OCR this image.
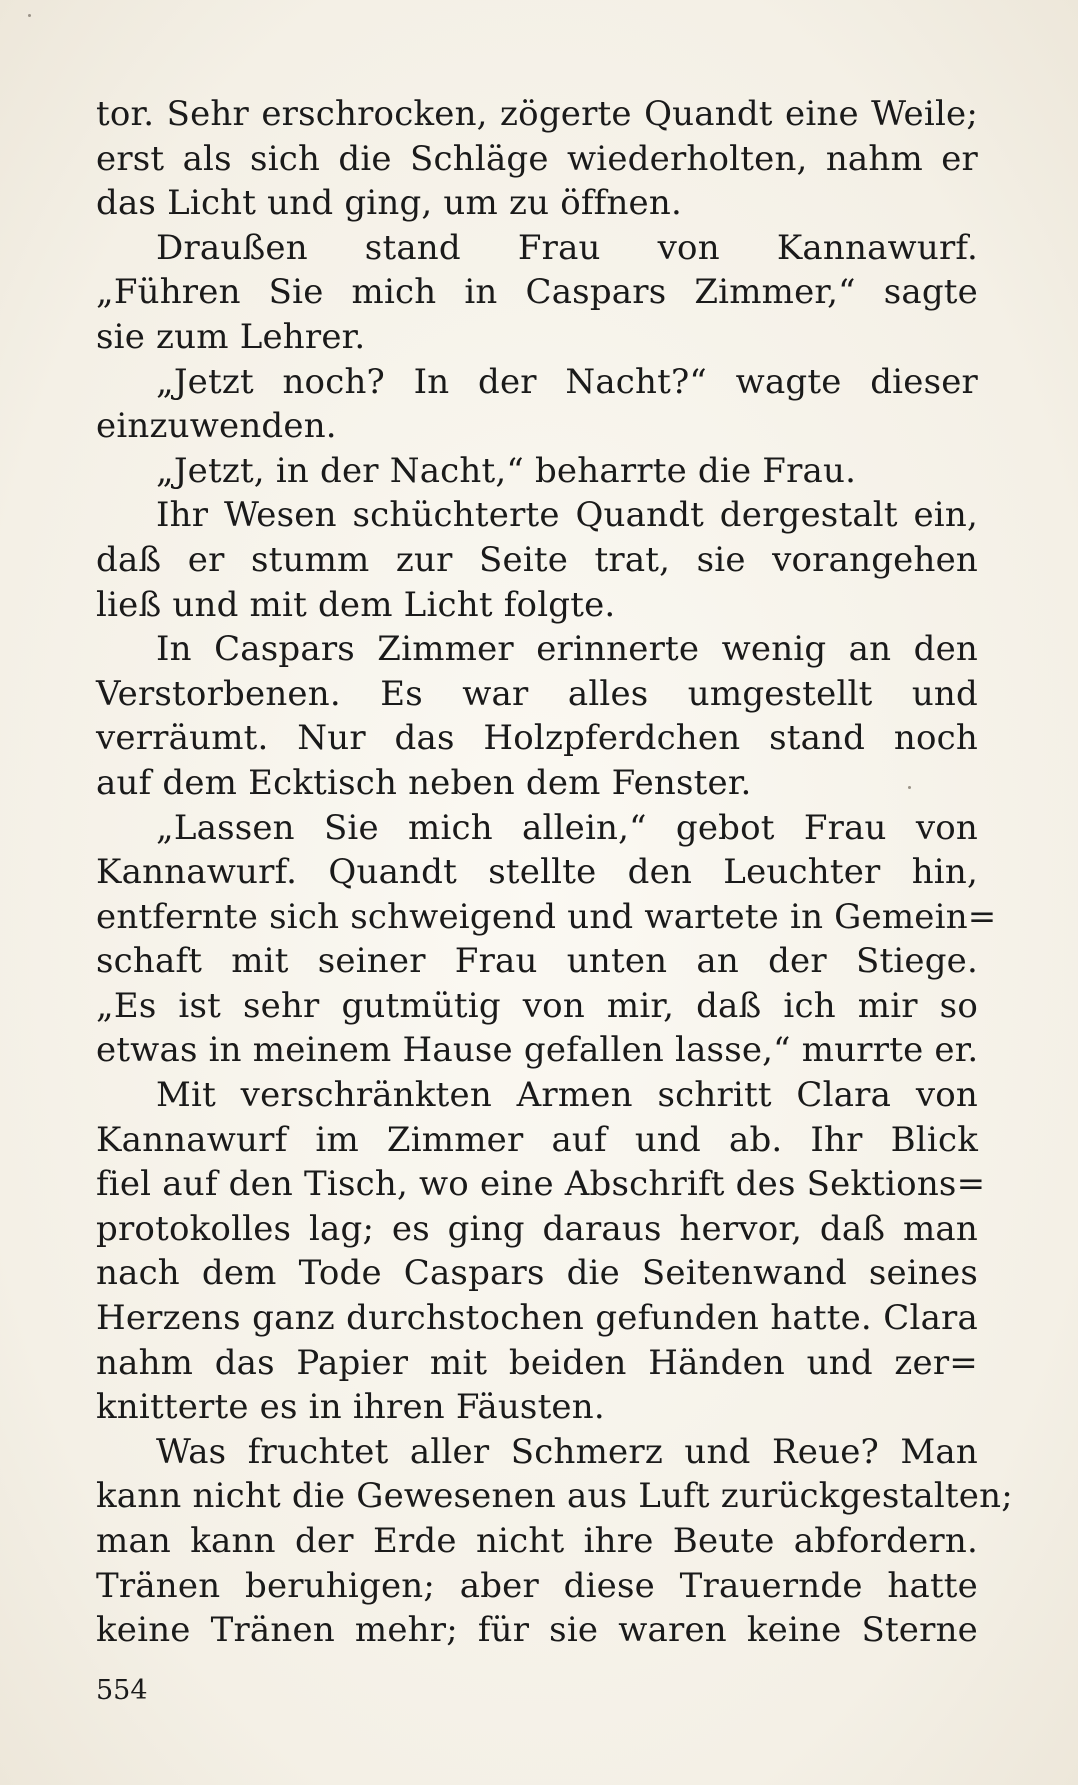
tor. Sehr erschrocken, zögerte Quandt eine Weile;
erst als sich die Schläge wiederholten, nahm er
das Licht und ging, um zu öffnen.
Draußen stand Frau von Kannawurf.
„Führen Sie mich in Caspars Zimmer,“ sagte
sie zum Lehrer.
„Jetzt noch? In der Nacht?“ wagte dieser
einzuwenden.
„Jetzt, in der Nacht,“ beharrte die Frau.
Ihr Wesen schüchterte Quandt dergestalt ein,
daß er stumm zur Seite trat, sie vorangehen
ließ und mit dem Licht folgte.
In Caspars Zimmer erinnerte wenig an den
Verstorbenen. Es war alles umgestellt und
verräumt. Nur das Holzpferdchen stand noch
auf dem Ecktisch neben dem Fenster.
„Lassen Sie mich allein,“ gebot Frau von
Kannawurf. Quandt stellte den Leuchter hin,
entfernte sich schweigend und wartete in Gemein=
schaft mit seiner Frau unten an der Stiege.
„Es ist sehr gutmütig von mir, daß ich mir so
etwas in meinem Hause gefallen lasse,“ murrte er.
Mit verschränkten Armen schritt Clara von
Kannawurf im Zimmer auf und ab. Ihr Blick
fiel auf den Tisch, wo eine Abschrift des Sektions=
protokolles lag; es ging daraus hervor, daß man
nach dem Tode Caspars die Seitenwand seines
Herzens ganz durchstochen gefunden hatte. Clara
nahm das Papier mit beiden Händen und zer=
knitterte es in ihren Fäusten.
Was fruchtet aller Schmerz und Reue? Man
kann nicht die Gewesenen aus Luft zurückgestalten;
man kann der Erde nicht ihre Beute abfordern.
Tränen beruhigen; aber diese Trauernde hatte
keine Tränen mehr; für sie waren keine Sterne
554
